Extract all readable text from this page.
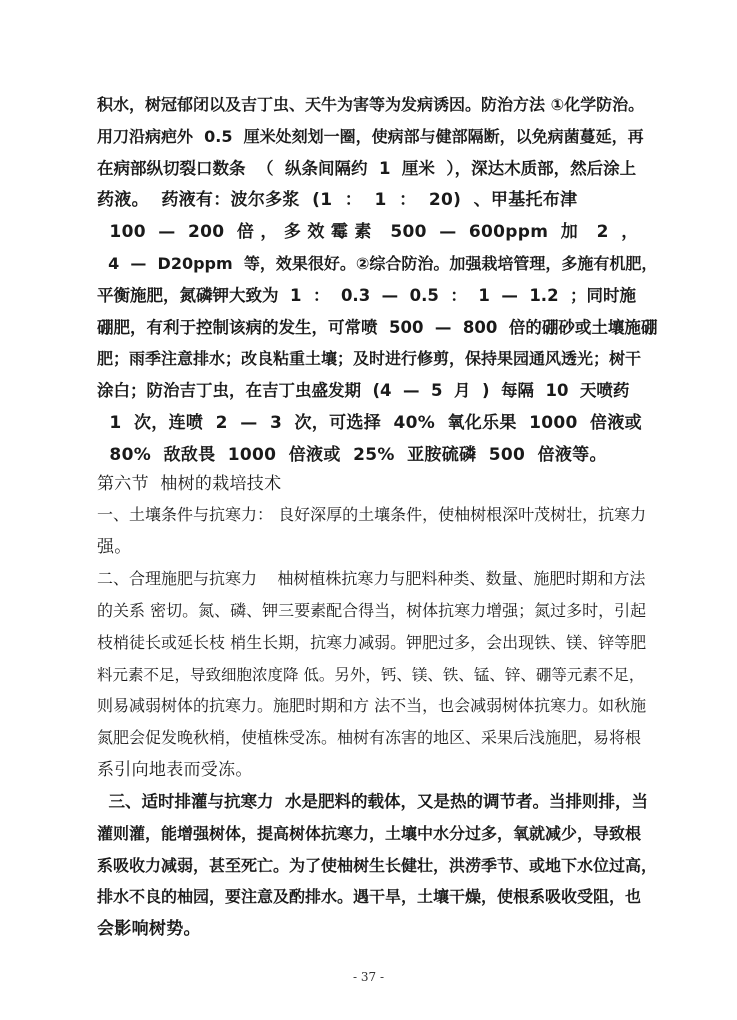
积水，树冠郁闭以及吉丁虫、天牛为害等为发病诱因。防治方法 ①化学防治。
用刀沿病疤外  0.5  厘米处刻划一圈，使病部与健部隔断，以免病菌蔓延，再
在病部纵切裂口数条  （  纵条间隔约  1  厘米  ），深达木质部，然后涂上
药液。  药液有：波尔多浆  (1  ：  1  ：  20)  、甲基托布津
100  —  200  倍 ， 多 效 霉 素   500  —  600ppm  加   2  ，
4  —  D20ppm  等，效果很好。②综合防治。加强栽培管理，多施有机肥，
平衡施肥，氮磷钾大致为  1  ：  0.3  —  0.5  ：  1  —  1.2  ；同时施
硼肥，有利于控制该病的发生，可常喷  500  —  800  倍的硼砂或土壤施硼
肥；雨季注意排水；改良粘重土壤；及时进行修剪，保持果园通风透光；树干
涂白；防治吉丁虫，在吉丁虫盛发期  (4  —  5  月  )  每隔  10  天喷药
1  次，连喷  2  —  3  次，可选择  40%  氧化乐果  1000  倍液或
80%  敌敌畏  1000  倍液或  25%  亚胺硫磷  500  倍液等。
第六节  柚树的栽培技术
一、土壤条件与抗寒力： 良好深厚的土壤条件，使柚树根深叶茂树壮，抗寒力
强。
二、合理施肥与抗寒力    柚树植株抗寒力与肥料种类、数量、施肥时期和方法
的关系 密切。氮、磷、钾三要素配合得当，树体抗寒力增强；氮过多时，引起
枝梢徒长或延长枝 梢生长期，抗寒力减弱。钾肥过多，会出现铁、镁、锌等肥
料元素不足，导致细胞浓度降 低。另外，钙、镁、铁、锰、锌、硼等元素不足，
则易减弱树体的抗寒力。施肥时期和方 法不当，也会减弱树体抗寒力。如秋施
氮肥会促发晚秋梢，使植株受冻。柚树有冻害的地区、采果后浅施肥，易将根
系引向地表而受冻。
三、适时排灌与抗寒力  水是肥料的载体，又是热的调节者。当排则排，当
灌则灌，能增强树体，提高树体抗寒力，土壤中水分过多，氧就减少，导致根
系吸收力减弱，甚至死亡。为了使柚树生长健壮，洪涝季节、或地下水位过高，
排水不良的柚园，要注意及酌排水。遇干旱，土壤干燥，使根系吸收受阻，也
会影响树势。
- 37 -
